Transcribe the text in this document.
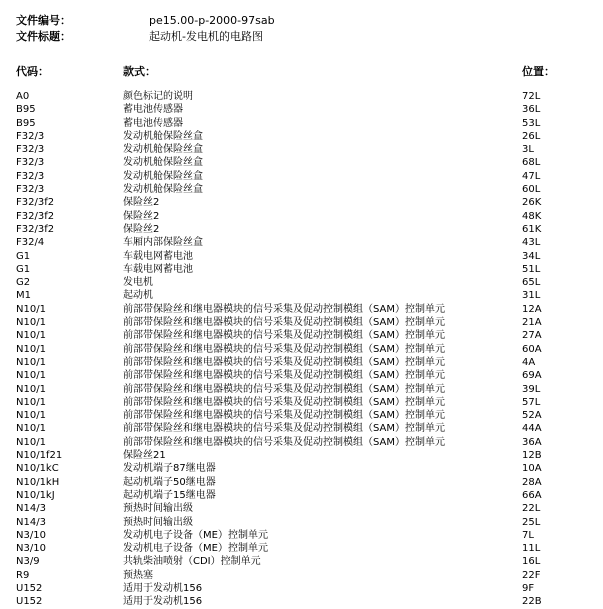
文件编号：	pe15.00-p-2000-97sab
文件标题：	起动机-发电机的电路图
代码：	款式：	位置：
A0	颜色标记的说明	72L
B95	蓄电池传感器	36L
B95	蓄电池传感器	53L
F32/3	发动机舱保险丝盒	26L
F32/3	发动机舱保险丝盒	3L
F32/3	发动机舱保险丝盒	68L
F32/3	发动机舱保险丝盒	47L
F32/3	发动机舱保险丝盒	60L
F32/3f2	保险丝2	26K
F32/3f2	保险丝2	48K
F32/3f2	保险丝2	61K
F32/4	车厢内部保险丝盒	43L
G1	车载电网蓄电池	34L
G1	车载电网蓄电池	51L
G2	发电机	65L
M1	起动机	31L
N10/1	前部带保险丝和继电器模块的信号采集及促动控制模组（SAM）控制单元	12A
N10/1	前部带保险丝和继电器模块的信号采集及促动控制模组（SAM）控制单元	21A
N10/1	前部带保险丝和继电器模块的信号采集及促动控制模组（SAM）控制单元	27A
N10/1	前部带保险丝和继电器模块的信号采集及促动控制模组（SAM）控制单元	60A
N10/1	前部带保险丝和继电器模块的信号采集及促动控制模组（SAM）控制单元	4A
N10/1	前部带保险丝和继电器模块的信号采集及促动控制模组（SAM）控制单元	69A
N10/1	前部带保险丝和继电器模块的信号采集及促动控制模组（SAM）控制单元	39L
N10/1	前部带保险丝和继电器模块的信号采集及促动控制模组（SAM）控制单元	57L
N10/1	前部带保险丝和继电器模块的信号采集及促动控制模组（SAM）控制单元	52A
N10/1	前部带保险丝和继电器模块的信号采集及促动控制模组（SAM）控制单元	44A
N10/1	前部带保险丝和继电器模块的信号采集及促动控制模组（SAM）控制单元	36A
N10/1f21	保险丝21	12B
N10/1kC	发动机端子87继电器	10A
N10/1kH	起动机端子50继电器	28A
N10/1kJ	起动机端子15继电器	66A
N14/3	预热时间输出级	22L
N14/3	预热时间输出级	25L
N3/10	发动机电子设备（ME）控制单元	7L
N3/10	发动机电子设备（ME）控制单元	11L
N3/9	共轨柴油喷射（CDI）控制单元	16L
R9	预热塞	22F
U152	适用于发动机156	9F
U152	适用于发动机156	22B
